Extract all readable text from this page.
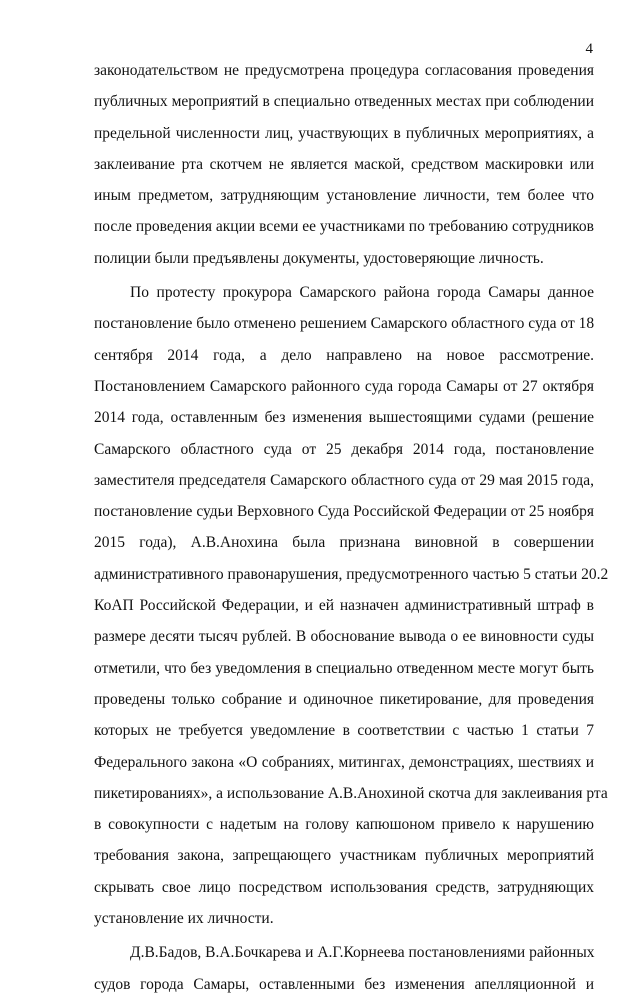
4
законодательством не предусмотрена процедура согласования проведения
публичных мероприятий в специально отведенных местах при соблюдении
предельной численности лиц, участвующих в публичных мероприятиях, а
заклеивание рта скотчем не является маской, средством маскировки или
иным предметом, затрудняющим установление личности, тем более что
после проведения акции всеми ее участниками по требованию сотрудников
полиции были предъявлены документы, удостоверяющие личность.
По протесту прокурора Самарского района города Самары данное
постановление было отменено решением Самарского областного суда от 18
сентября 2014 года, а дело направлено на новое рассмотрение.
Постановлением Самарского районного суда города Самары от 27 октября
2014 года, оставленным без изменения вышестоящими судами (решение
Самарского областного суда от 25 декабря 2014 года, постановление
заместителя председателя Самарского областного суда от 29 мая 2015 года,
постановление судьи Верховного Суда Российской Федерации от 25 ноября
2015 года), А.В.Анохина была признана виновной в совершении
административного правонарушения, предусмотренного частью 5 статьи 20.2
КоАП Российской Федерации, и ей назначен административный штраф в
размере десяти тысяч рублей. В обоснование вывода о ее виновности суды
отметили, что без уведомления в специально отведенном месте могут быть
проведены только собрание и одиночное пикетирование, для проведения
которых не требуется уведомление в соответствии с частью 1 статьи 7
Федерального закона «О собраниях, митингах, демонстрациях, шествиях и
пикетированиях», а использование А.В.Анохиной скотча для заклеивания рта
в совокупности с надетым на голову капюшоном привело к нарушению
требования закона, запрещающего участникам публичных мероприятий
скрывать свое лицо посредством использования средств, затрудняющих
установление их личности.
Д.В.Бадов, В.А.Бочкарева и А.Г.Корнеева постановлениями районных
судов города Самары, оставленными без изменения апелляционной и
